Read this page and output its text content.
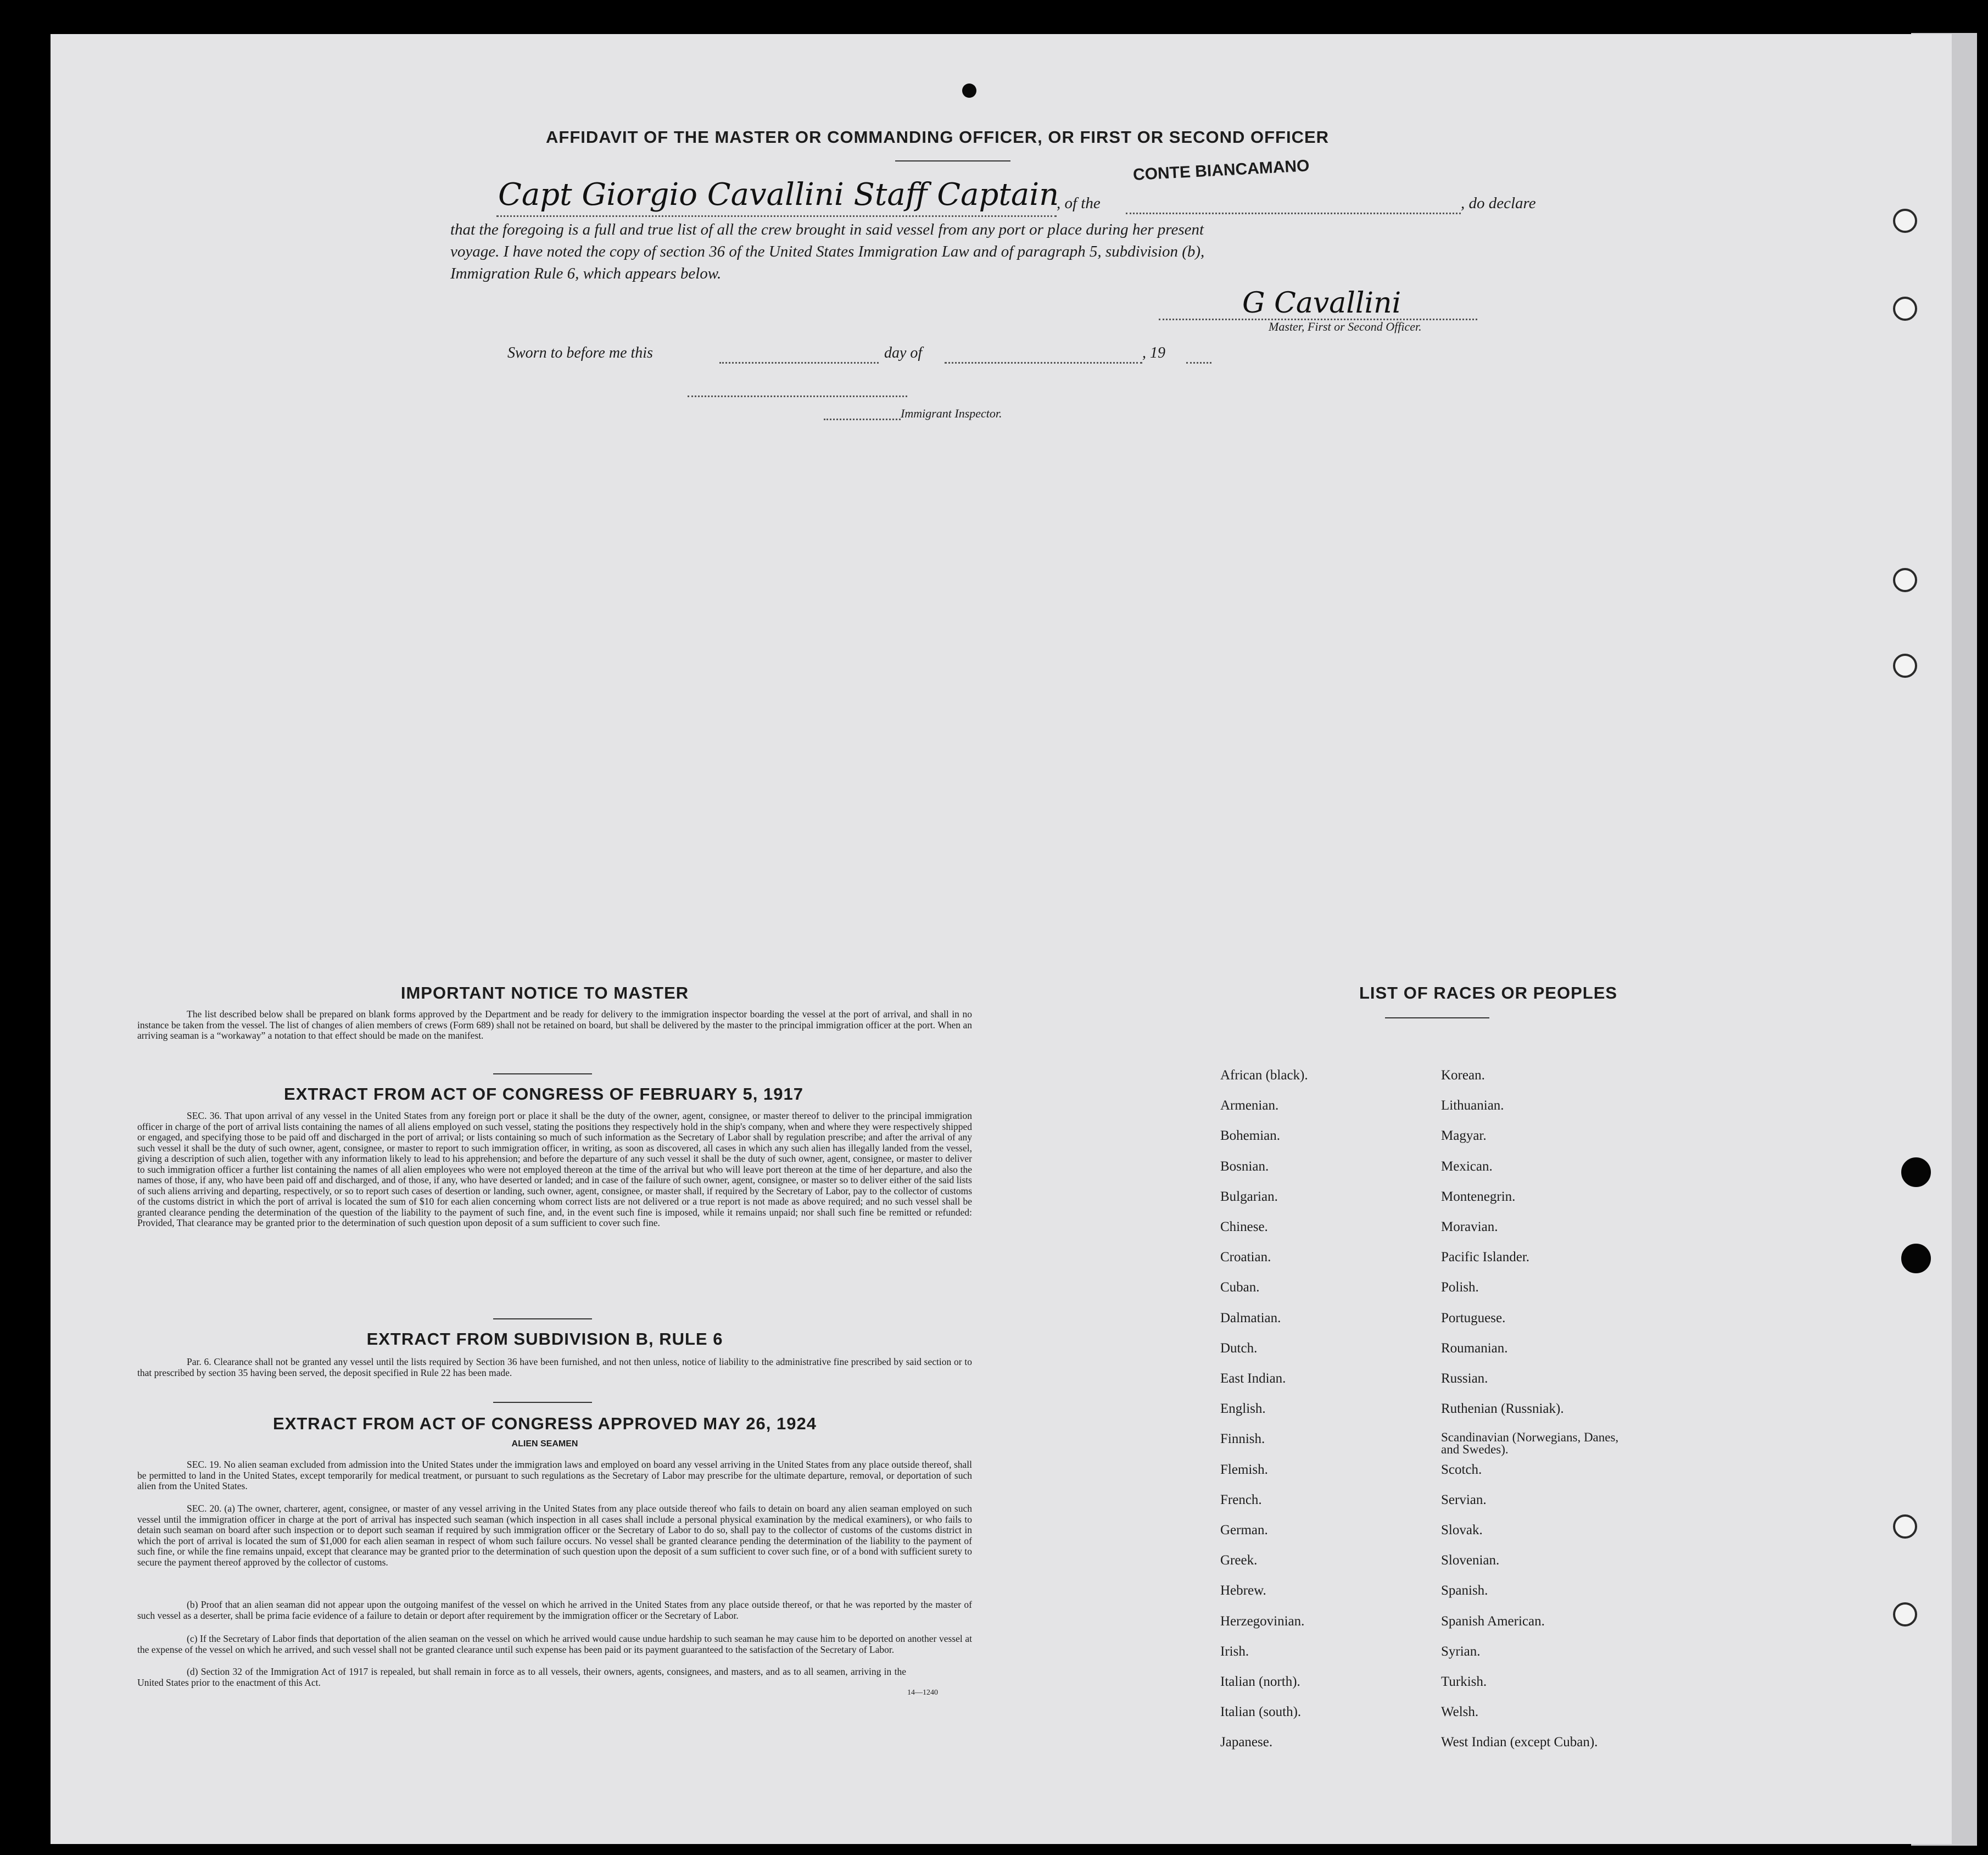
AFFIDAVIT OF THE MASTER OR COMMANDING OFFICER, OR FIRST OR SECOND OFFICER
Capt Giorgio Cavallini Staff Captain
, of the
CONTE BIANCAMANO
, do declare
that the foregoing is a full and true list of all the crew brought in said vessel from any port or place during her present
voyage. I have noted the copy of section 36 of the United States Immigration Law and of paragraph 5, subdivision (b),
Immigration Rule 6, which appears below.
G Cavallini
Master, First or Second Officer.
Sworn to before me this	day of	, 19
Immigrant Inspector.
IMPORTANT NOTICE TO MASTER
The list described below shall be prepared on blank forms approved by the Department and be ready for delivery to the immigration inspector boarding the vessel at the port of arrival, and shall in no instance be taken from the vessel. The list of changes of alien members of crews (Form 689) shall not be retained on board, but shall be delivered by the master to the principal immigration officer at the port. When an arriving seaman is a “workaway” a notation to that effect should be made on the manifest.
EXTRACT FROM ACT OF CONGRESS OF FEBRUARY 5, 1917
SEC. 36. That upon arrival of any vessel in the United States from any foreign port or place it shall be the duty of the owner, agent, consignee, or master thereof to deliver to the principal immigration officer in charge of the port of arrival lists containing the names of all aliens employed on such vessel, stating the positions they respectively hold in the ship's company, when and where they were respectively shipped or engaged, and specifying those to be paid off and discharged in the port of arrival; or lists containing so much of such information as the Secretary of Labor shall by regulation prescribe; and after the arrival of any such vessel it shall be the duty of such owner, agent, consignee, or master to report to such immigration officer, in writing, as soon as discovered, all cases in which any such alien has illegally landed from the vessel, giving a description of such alien, together with any information likely to lead to his apprehension; and before the departure of any such vessel it shall be the duty of such owner, agent, consignee, or master to deliver to such immigration officer a further list containing the names of all alien employees who were not employed thereon at the time of the arrival but who will leave port thereon at the time of her departure, and also the names of those, if any, who have been paid off and discharged, and of those, if any, who have deserted or landed; and in case of the failure of such owner, agent, consignee, or master so to deliver either of the said lists of such aliens arriving and departing, respectively, or so to report such cases of desertion or landing, such owner, agent, consignee, or master shall, if required by the Secretary of Labor, pay to the collector of customs of the customs district in which the port of arrival is located the sum of $10 for each alien concerning whom correct lists are not delivered or a true report is not made as above required; and no such vessel shall be granted clearance pending the determination of the question of the liability to the payment of such fine, and, in the event such fine is imposed, while it remains unpaid; nor shall such fine be remitted or refunded: Provided, That clearance may be granted prior to the determination of such question upon deposit of a sum sufficient to cover such fine.
EXTRACT FROM SUBDIVISION B, RULE 6
Par. 6. Clearance shall not be granted any vessel until the lists required by Section 36 have been furnished, and not then unless, notice of liability to the administrative fine prescribed by said section or to that prescribed by section 35 having been served, the deposit specified in Rule 22 has been made.
EXTRACT FROM ACT OF CONGRESS APPROVED MAY 26, 1924
ALIEN SEAMEN
SEC. 19. No alien seaman excluded from admission into the United States under the immigration laws and employed on board any vessel arriving in the United States from any place outside thereof, shall be permitted to land in the United States, except temporarily for medical treatment, or pursuant to such regulations as the Secretary of Labor may prescribe for the ultimate departure, removal, or deportation of such alien from the United States.
SEC. 20. (a) The owner, charterer, agent, consignee, or master of any vessel arriving in the United States from any place outside thereof who fails to detain on board any alien seaman employed on such vessel until the immigration officer in charge at the port of arrival has inspected such seaman (which inspection in all cases shall include a personal physical examination by the medical examiners), or who fails to detain such seaman on board after such inspection or to deport such seaman if required by such immigration officer or the Secretary of Labor to do so, shall pay to the collector of customs of the customs district in which the port of arrival is located the sum of $1,000 for each alien seaman in respect of whom such failure occurs. No vessel shall be granted clearance pending the determination of the liability to the payment of such fine, or while the fine remains unpaid, except that clearance may be granted prior to the determination of such question upon the deposit of a sum sufficient to cover such fine, or of a bond with sufficient surety to secure the payment thereof approved by the collector of customs.
(b) Proof that an alien seaman did not appear upon the outgoing manifest of the vessel on which he arrived in the United States from any place outside thereof, or that he was reported by the master of such vessel as a deserter, shall be prima facie evidence of a failure to detain or deport after requirement by the immigration officer or the Secretary of Labor.
(c) If the Secretary of Labor finds that deportation of the alien seaman on the vessel on which he arrived would cause undue hardship to such seaman he may cause him to be deported on another vessel at the expense of the vessel on which he arrived, and such vessel shall not be granted clearance until such expense has been paid or its payment guaranteed to the satisfaction of the Secretary of Labor.
(d) Section 32 of the Immigration Act of 1917 is repealed, but shall remain in force as to all vessels, their owners, agents, consignees, and masters, and as to all seamen, arriving in the United States prior to the enactment of this Act.
14—1240
LIST OF RACES OR PEOPLES
African (black).
Armenian.
Bohemian.
Bosnian.
Bulgarian.
Chinese.
Croatian.
Cuban.
Dalmatian.
Dutch.
East Indian.
English.
Finnish.
Flemish.
French.
German.
Greek.
Hebrew.
Herzegovinian.
Irish.
Italian (north).
Italian (south).
Japanese.
Korean.
Lithuanian.
Magyar.
Mexican.
Montenegrin.
Moravian.
Pacific Islander.
Polish.
Portuguese.
Roumanian.
Russian.
Ruthenian (Russniak).
Scandinavian (Norwegians, Danes, and Swedes).
Scotch.
Servian.
Slovak.
Slovenian.
Spanish.
Spanish American.
Syrian.
Turkish.
Welsh.
West Indian (except Cuban).
